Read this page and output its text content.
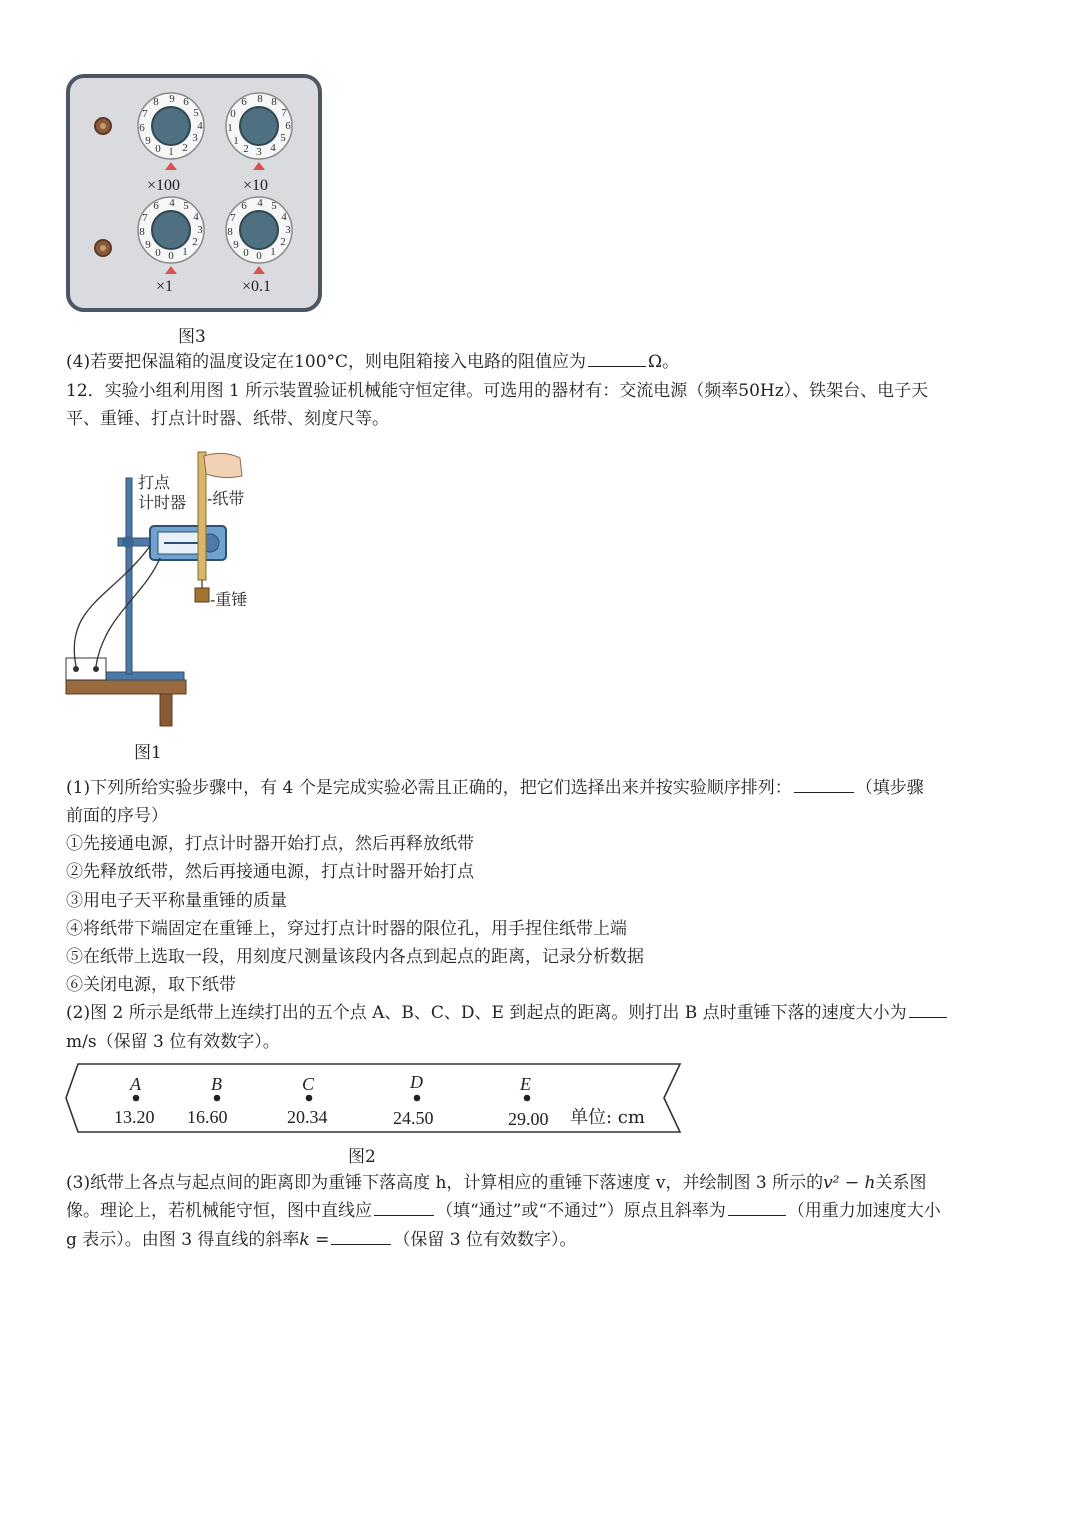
1 2
3
4
5
6
9
8
7
6
9
0	3 4
5
6
7
8
8
6
0
1
1
2
0 1
2
3
4
5
4
6
7
8
9
0	0 1
2
3
4
5
4
6
7
8
9
0
×100	×10
×1	×0.1
图3
(4)若要把保温箱的温度设定在100°C，则电阻箱接入电路的阻值应为	Ω。
12．实验小组利用图 1 所示装置验证机械能守恒定律。可选用的器材有：交流电源（频率50Hz）、铁架台、电子天
平、重锤、打点计时器、纸带、刻度尺等。
打点
计时器 -纸带
-重锤
图1
(1)下列所给实验步骤中，有 4 个是完成实验必需且正确的，把它们选择出来并按实验顺序排列：	（填步骤
前面的序号）
①先接通电源，打点计时器开始打点，然后再释放纸带
②先释放纸带，然后再接通电源，打点计时器开始打点
③用电子天平称量重锤的质量
④将纸带下端固定在重锤上，穿过打点计时器的限位孔，用手捏住纸带上端
⑤在纸带上选取一段，用刻度尺测量该段内各点到起点的距离，记录分析数据
⑥关闭电源，取下纸带
(2)图 2 所示是纸带上连续打出的五个点 A、B、C、D、E 到起点的距离。则打出 B 点时重锤下落的速度大小为
m/s（保留 3 位有效数字）。
A	B	C	D	E
13.20 16.60	20.34	24.50	29.00 单位: cm
图2
(3)纸带上各点与起点间的距离即为重锤下落高度 h，计算相应的重锤下落速度 v，并绘制图 3 所示的v² − h关系图
像。理论上，若机械能守恒，图中直线应	（填“通过”或“不通过”）原点且斜率为	（用重力加速度大小
g 表示）。由图 3 得直线的斜率k =	（保留 3 位有效数字）。
